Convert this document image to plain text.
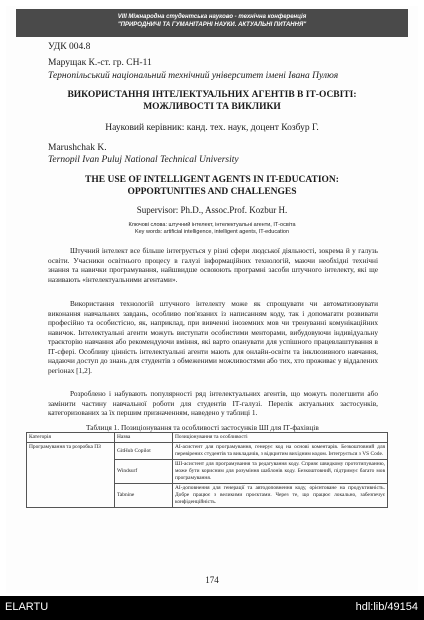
VIII Міжнародна студентська науково - технічна конференція
"ПРИРОДНИЧІ ТА ГУМАНІТАРНІ НАУКИ. АКТУАЛЬНІ ПИТАННЯ"
УДК 004.8
Марущак К.-ст. гр. СН-11
Тернопільський національний технічний університет імені Івана Пулюя
ВИКОРИСТАННЯ ІНТЕЛЕКТУАЛЬНИХ АГЕНТІВ В ІТ-ОСВІТІ:
МОЖЛИВОСТІ ТА ВИКЛИКИ
Науковий керівник: канд. тех. наук, доцент Козбур Г.
Marushchak K.
Ternopil Ivan Puluj National Technical University
THE USE OF INTELLIGENT AGENTS IN IT-EDUCATION:
OPPORTUNITIES AND CHALLENGES
Supervisor: Ph.D., Assoc.Prof. Kozbur H.
Ключові слова: штучний інтелект, інтелектуальні агенти, ІТ-освіта
Key words: artificial intelligence, intelligent agents, IT-education
Штучний інтелект все більше інтегрується у різні сфери людської діяльності, зокрема й у галузь освіти. Учасники освітнього процесу в галузі інформаційних технологій, маючи необхідні технічні знання та навички програмування, найшвидше освоюють програмні засоби штучного інтелекту, які ще називають «інтелектуальними агентами».
Використання технологій штучного інтелекту може як спрощувати чи автоматизовувати виконання навчальних завдань, особливо пов'язаних із написанням коду, так і допомагати розвивати професійно та особистісно, як, наприклад, при вивченні іноземних мов чи тренуванні комунікаційних навичок. Інтелектуальні агенти можуть виступати особистими менторами, вибудовуючи індивідуальну траєкторію навчання або рекомендуючи вміння, які варто опанувати для успішного працевлаштування в ІТ-сфері. Особливу цінність інтелектуальні агенти мають для онлайн-освіти та інклюзивного навчання, надаючи доступ до знань для студентів з обмеженими можливостями або тих, хто проживає у віддалених регіонах [1,2].
Розроблено і набувають популярності ряд інтелектуальних агентів, що можуть полегшити або замінити частину навчальної роботи для студентів ІТ-галузі. Перелік актуальних застосунків, категоризованих за їх першим призначенням, наведено у таблиці 1.
Таблиця 1. Позиціонування та особливості застосунків ШІ для ІТ-фахівців
Категорія	Назва	Позиціонування та особливості
Програмування та розробка ПЗ	GitHub Copilot	AI-асистент для програмування, генерує код на основі коментарів. Безкоштовний для перевірених студентів та викладачів, з відкритим вихідним кодом. Інтегрується з VS Code.
	Windsurf	ШІ-асистент для програмування та редагування коду. Сприяє швидкому прототипуванню, може бути корисним для розуміння шаблонів коду. Безкоштовний, підтримує багато мов програмування.
	Tabnine	AI-доповнення для генерації та автодоповнення коду, орієнтоване на продуктивність. Добре працює з великими проєктами. Через те, що працює локально, забезпечує конфіденційність.
174
ELARTU	hdl:lib/49154
